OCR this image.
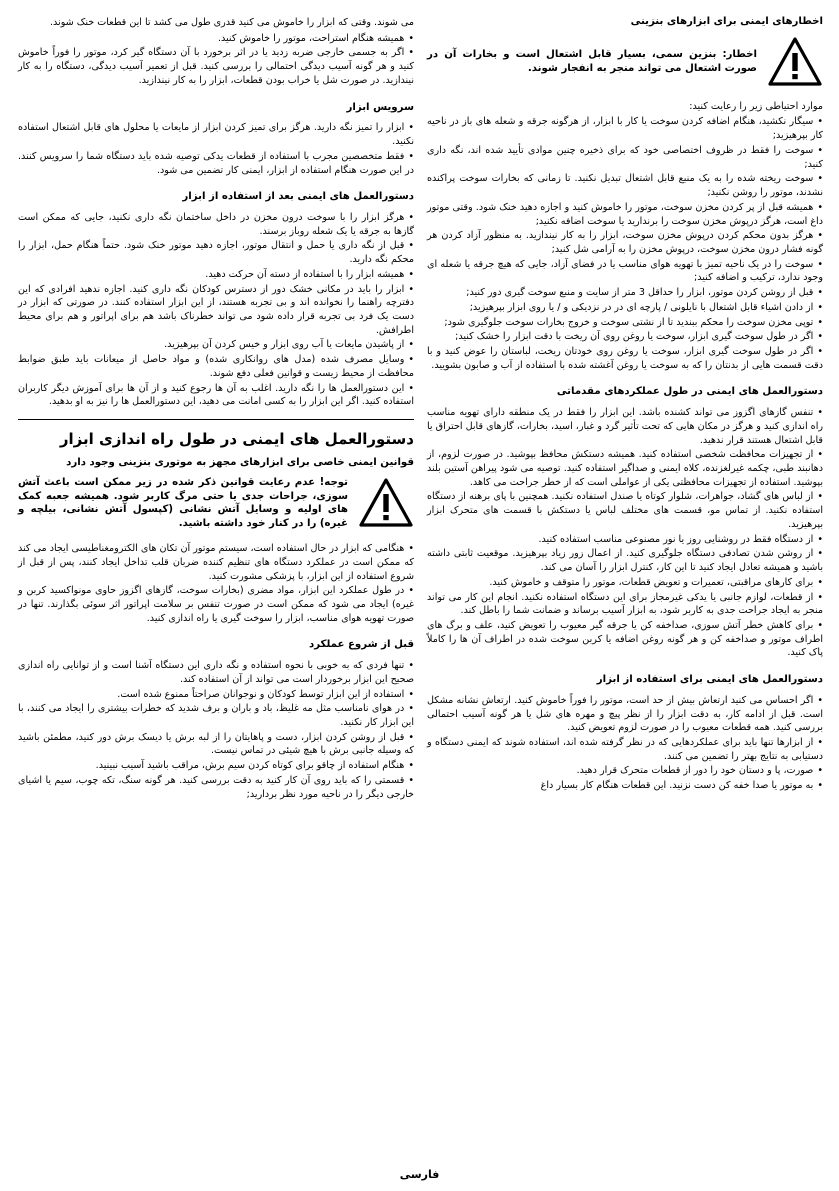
اخطارهای ایمنی برای ابزارهای بنزینی

اخطار: بنزین سمی، بسیار قابل اشتعال است و بخارات آن در صورت اشتعال می تواند منجر به انفجار شوند.

موارد احتیاطی زیر را رعایت کنید:

• سیگار نکشید، هنگام اضافه کردن سوخت یا کار با ابزار، از هرگونه جرقه و شعله های باز در ناحیه کار بپرهیزید;

• سوخت را فقط در ظروف اختصاصی خود که برای ذخیره چنین موادی تأیید شده اند، نگه داری کنید;

• سوخت ریخته شده را به یک منبع قابل اشتعال تبدیل نکنید. تا زمانی که بخارات سوخت پراکنده نشدند، موتور را روشن نکنید;

• همیشه قبل از پر کردن مخزن سوخت، موتور را خاموش کنید و اجازه دهید خنک شود. وقتی موتور داغ است، هرگز درپوش مخزن سوخت را برندارید یا سوخت اضافه نکنید;

• هرگز بدون محکم کردن درپوش مخزن سوخت، ابزار را به کار نیندازید. به منظور آزاد کردن هر گونه فشار درون مخزن سوخت، درپوش مخزن را به آرامی شل کنید;

• سوخت را در یک ناحیه تمیز با تهویه هوای مناسب یا در فضای آزاد، جایی که هیچ جرقه یا شعله ای وجود ندارد، ترکیب و اضافه کنید;

• قبل از روشن کردن موتور، ابزار را حداقل 3 متر از سایت و منبع سوخت گیری دور کنید;

• از دادن اشیاء قابل اشتعال با نایلونی / پارچه ای در در نزدیکی و / یا روی ابزار بپرهیزید;

• توپی مخزن سوخت را محکم ببندید تا از نشتی سوخت و خروج بخارات سوخت جلوگیری شود;

• اگر در طول سوخت گیری ابزار، سوخت یا روغن روی آن ریخت با دقت ابزار را خشک کنید;

• اگر در طول سوخت گیری ابزار، سوخت یا روغن روی خودتان ریخت، لباستان را عوض کنید و با دقت قسمت هایی از بدنتان را که به سوخت یا روغن آغشته شده با استفاده از آب و صابون بشویید.

دستورالعمل های ایمنی در طول عملکردهای مقدماتی

• تنفس گازهای اگزوز می تواند کشنده باشد. این ابزار را فقط در یک منطقه دارای تهویه مناسب راه اندازی کنید و هرگز در مکان هایی که تحت تأثیر گرد و غبار، اسید، بخارات، گازهای قابل احتراق یا قابل اشتعال هستند قرار ندهید.

• از تجهیزات محافظت شخصی استفاده کنید. همیشه دستکش محافظ بپوشید. در صورت لزوم، از دهانبند طبی، چکمه غیرلغزنده، کلاه ایمنی و صداگیر استفاده کنید. توصیه می شود پیراهن آستین بلند بپوشید. استفاده از تجهیزات محافظتی یکی از عواملی است که از خطر جراحت می کاهد.

• از لباس های گشاد، جواهرات، شلوار کوتاه یا صندل استفاده نکنید. همچنین با پای برهنه از دستگاه استفاده نکنید. از تماس مو، قسمت های مختلف لباس یا دستکش با قسمت های متحرک ابزار بپرهیزید.

• از دستگاه فقط در روشنایی روز یا نور مصنوعی مناسب استفاده کنید.

• از روشن شدن تصادفی دستگاه جلوگیری کنید. از اعمال زور زیاد بپرهیزید. موقعیت ثابتی داشته باشید و همیشه تعادل ایجاد کنید تا این کار، کنترل ابزار را آسان می کند.

• برای کارهای مراقبتی، تعمیرات و تعویض قطعات، موتور را متوقف و خاموش کنید.

• از قطعات، لوازم جانبی یا یدکی غیرمجاز برای این دستگاه استفاده نکنید. انجام این کار می تواند منجر به ایجاد جراحت جدی به کاربر شود، به ابزار آسیب برساند و ضمانت شما را باطل کند.

• برای کاهش خطر آتش سوزی، صداخفه کن یا جرقه گیر معیوب را تعویض کنید، علف و برگ های اطراف موتور و صداخفه کن و هر گونه روغن اضافه یا کربن سوخت شده در اطراف آن ها را کاملاً پاک کنید.

دستورالعمل های ایمنی برای استفاده از ابزار

• اگر احساس می کنید ارتعاش بیش از حد است، موتور را فوراً خاموش کنید. ارتعاش نشانه مشکل است. قبل از ادامه کار، به دقت ابزار را از نظر پیچ و مهره های شل یا هر گونه آسیب احتمالی بررسی کنید. همه قطعات معیوب را در صورت لزوم تعویض کنید.

• از ابزارها تنها باید برای عملکردهایی که در نظر گرفته شده اند، استفاده شوند که ایمنی دستگاه و دستیابی به نتایج بهتر را تضمین می کنند.

• صورت، پا و دستان خود را دور از قطعات متحرک قرار دهید.

• به موتور یا صدا خفه کن دست نزنید. این قطعات هنگام کار بسیار داغ

می شوند. وقتی که ابزار را خاموش می کنید قدری طول می کشد تا این قطعات خنک شوند.

• همیشه هنگام استراحت، موتور را خاموش کنید.

• اگر به جسمی خارجی ضربه زدید یا در اثر برخورد با آن دستگاه گیر کرد، موتور را فوراً خاموش کنید و هر گونه آسیب دیدگی احتمالی را بررسی کنید. قبل از تعمیر آسیب دیدگی، دستگاه را به کار نیندازید. در صورت شل یا خراب بودن قطعات، ابزار را به کار نیندازید.

سرویس ابزار

• ابزار را تمیز نگه دارید. هرگز برای تمیز کردن ابزار از مایعات یا محلول های قابل اشتعال استفاده نکنید.

• فقط متخصصین مجرب با استفاده از قطعات یدکی توصیه شده باید دستگاه شما را سرویس کنند. در این صورت هنگام استفاده از ابزار، ایمنی کار تضمین می شود.

دستورالعمل های ایمنی بعد از استفاده از ابزار

• هرگز ابزار را با سوخت درون مخزن در داخل ساختمان نگه داری نکنید، جایی که ممکن است گازها به جرقه یا یک شعله روباز برسند.

• قبل از نگه داری یا حمل و انتقال موتور، اجازه دهید موتور خنک شود. حتماً هنگام حمل، ابزار را محکم نگه دارید.

• همیشه ابزار را با استفاده از دسته آن حرکت دهید.

• ابزار را باید در مکانی خشک دور از دسترس کودکان نگه داری کنید. اجازه ندهید افرادی که این دفترچه راهنما را نخوانده اند و بی تجربه هستند، از این ابزار استفاده کنند. در صورتی که ابزار در دست یک فرد بی تجربه قرار داده شود می تواند خطرناک باشد هم برای اپراتور و هم برای محیط اطرافش.

• از پاشیدن مایعات یا آب روی ابزار و خیس کردن آن بپرهیزید.

• وسایل مصرف شده (مدل های روانکاری شده) و مواد حاصل از میعانات باید طبق ضوابط محافظت از محیط زیست و قوانین فعلی دفع شوند.

• این دستورالعمل ها را نگه دارید. اغلب به آن ها رجوع کنید و از آن ها برای آموزش دیگر کاربران استفاده کنید. اگر این ابزار را به کسی امانت می دهید، این دستورالعمل ها را نیز به او بدهید.

دستورالعمل های ایمنی در طول راه اندازی ابزار
قوانین ایمنی خاصی برای ابزارهای مجهز به موتوری بنزینی وجود دارد

توجه! عدم رعایت قوانین ذکر شده در زیر ممکن است باعث آتش سوزی، جراحات جدی یا حتی مرگ کاربر شود. همیشه جعبه کمک های اولیه و وسایل آتش نشانی (کپسول آتش نشانی، بیلچه و غیره) را در کنار خود داشته باشید.

• هنگامی که ابزار در حال استفاده است، سیستم موتور آن تکان های الکترومغناطیسی ایجاد می کند که ممکن است در عملکرد دستگاه های تنظیم کننده ضربان قلب تداخل ایجاد کنند، پس از قبل از شروع استفاده از این ابزار، با پزشکی مشورت کنید.

• در طول عملکرد این ابزار، مواد مضری (بخارات سوخت، گازهای اگزوز حاوی مونواکسید کربن و غیره) ایجاد می شود که ممکن است در صورت تنفس بر سلامت اپراتور اثر سوئی بگذارند. تنها در صورت تهویه هوای مناسب، ابزار را سوخت گیری یا راه اندازی کنید.

قبل از شروع عملکرد

• تنها فردی که به خوبی با نحوه استفاده و نگه داری این دستگاه آشنا است و از توانایی راه اندازی صحیح این ابزار برخوردار است می تواند از آن استفاده کند.

• استفاده از این ابزار توسط کودکان و نوجوانان صراحتاً ممنوع شده است.

• در هوای نامناسب مثل مه غلیظ، باد و باران و برف شدید که خطرات بیشتری را ایجاد می کنند، با این ابزار کار نکنید.

• قبل از روشن کردن ابزار، دست و پاهایتان را از لبه برش یا دیسک برش دور کنید، مطمئن باشید که وسیله جانبی برش با هیچ شیئی در تماس نیست.

• هنگام استفاده از چاقو برای کوتاه کردن سیم برش، مراقب باشید آسیب نبینید.

• قسمتی را که باید روی آن کار کنید به دقت بررسی کنید. هر گونه سنگ، تکه چوب، سیم یا اشیای خارجی دیگر را در ناحیه مورد نظر بردارید;

فارسی
